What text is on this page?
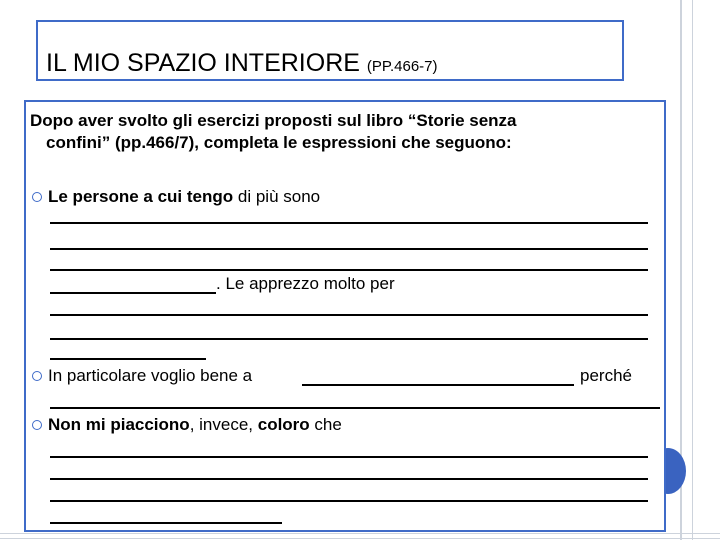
IL MIO SPAZIO INTERIORE (PP.466-7)

Dopo aver svolto gli esercizi proposti sul libro “Storie senza
confini” (pp.466/7), completa le espressioni che seguono:

Le persone a cui tengo di più sono
. Le apprezzo molto per
In particolare voglio bene a	perché
Non mi piacciono, invece, coloro che
